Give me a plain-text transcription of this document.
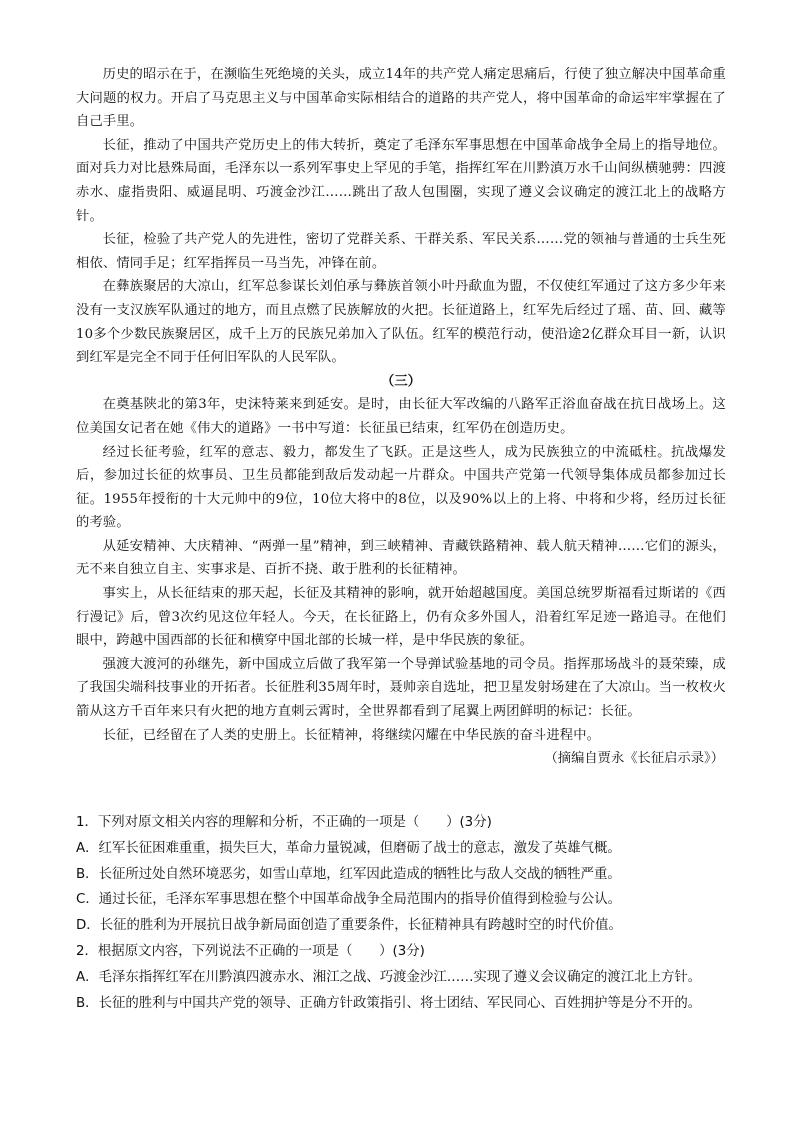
历史的昭示在于，在濒临生死绝境的关头，成立14年的共产党人痛定思痛后，行使了独立解决中国革命重大问题的权力。开启了马克思主义与中国革命实际相结合的道路的共产党人，将中国革命的命运牢牢掌握在了自己手里。

长征，推动了中国共产党历史上的伟大转折，奠定了毛泽东军事思想在中国革命战争全局上的指导地位。面对兵力对比悬殊局面，毛泽东以一系列军事史上罕见的手笔，指挥红军在川黔滇万水千山间纵横驰骋：四渡赤水、虚指贵阳、威逼昆明、巧渡金沙江……跳出了敌人包围圈，实现了遵义会议确定的渡江北上的战略方针。

长征，检验了共产党人的先进性，密切了党群关系、干群关系、军民关系……党的领袖与普通的士兵生死相依、情同手足；红军指挥员一马当先，冲锋在前。

在彝族聚居的大凉山，红军总参谋长刘伯承与彝族首领小叶丹歃血为盟，不仅使红军通过了这方多少年来没有一支汉族军队通过的地方，而且点燃了民族解放的火把。长征道路上，红军先后经过了瑶、苗、回、藏等10多个少数民族聚居区，成千上万的民族兄弟加入了队伍。红军的模范行动，使沿途2亿群众耳目一新，认识到红军是完全不同于任何旧军队的人民军队。

（三）

在奠基陕北的第3年，史沫特莱来到延安。是时，由长征大军改编的八路军正浴血奋战在抗日战场上。这位美国女记者在她《伟大的道路》一书中写道：长征虽已结束，红军仍在创造历史。

经过长征考验，红军的意志、毅力，都发生了飞跃。正是这些人，成为民族独立的中流砥柱。抗战爆发后，参加过长征的炊事员、卫生员都能到敌后发动起一片群众。中国共产党第一代领导集体成员都参加过长征。1955年授衔的十大元帅中的9位，10位大将中的8位，以及90%以上的上将、中将和少将，经历过长征的考验。

从延安精神、大庆精神、“两弹一星”精神，到三峡精神、青藏铁路精神、载人航天精神……它们的源头，无不来自独立自主、实事求是、百折不挠、敢于胜利的长征精神。

事实上，从长征结束的那天起，长征及其精神的影响，就开始超越国度。美国总统罗斯福看过斯诺的《西行漫记》后，曾3次约见这位年轻人。今天，在长征路上，仍有众多外国人，沿着红军足迹一路追寻。在他们眼中，跨越中国西部的长征和横穿中国北部的长城一样，是中华民族的象征。

强渡大渡河的孙继先，新中国成立后做了我军第一个导弹试验基地的司令员。指挥那场战斗的聂荣臻，成了我国尖端科技事业的开拓者。长征胜利35周年时，聂帅亲自选址，把卫星发射场建在了大凉山。当一枚枚火箭从这方千百年来只有火把的地方直刺云霄时，全世界都看到了尾翼上两团鲜明的标记：长征。

长征，已经留在了人类的史册上。长征精神，将继续闪耀在中华民族的奋斗进程中。

（摘编自贾永《长征启示录》）

1．下列对原文相关内容的理解和分析，不正确的一项是（　　）(3分)

A．红军长征困难重重，损失巨大，革命力量锐减，但磨砺了战士的意志，激发了英雄气概。

B．长征所过处自然环境恶劣，如雪山草地，红军因此造成的牺牲比与敌人交战的牺牲严重。

C．通过长征，毛泽东军事思想在整个中国革命战争全局范围内的指导价值得到检验与公认。

D．长征的胜利为开展抗日战争新局面创造了重要条件，长征精神具有跨越时空的时代价值。

2．根据原文内容，下列说法不正确的一项是（　　）(3分)

A．毛泽东指挥红军在川黔滇四渡赤水、湘江之战、巧渡金沙江……实现了遵义会议确定的渡江北上方针。

B．长征的胜利与中国共产党的领导、正确方针政策指引、将士团结、军民同心、百姓拥护等是分不开的。
